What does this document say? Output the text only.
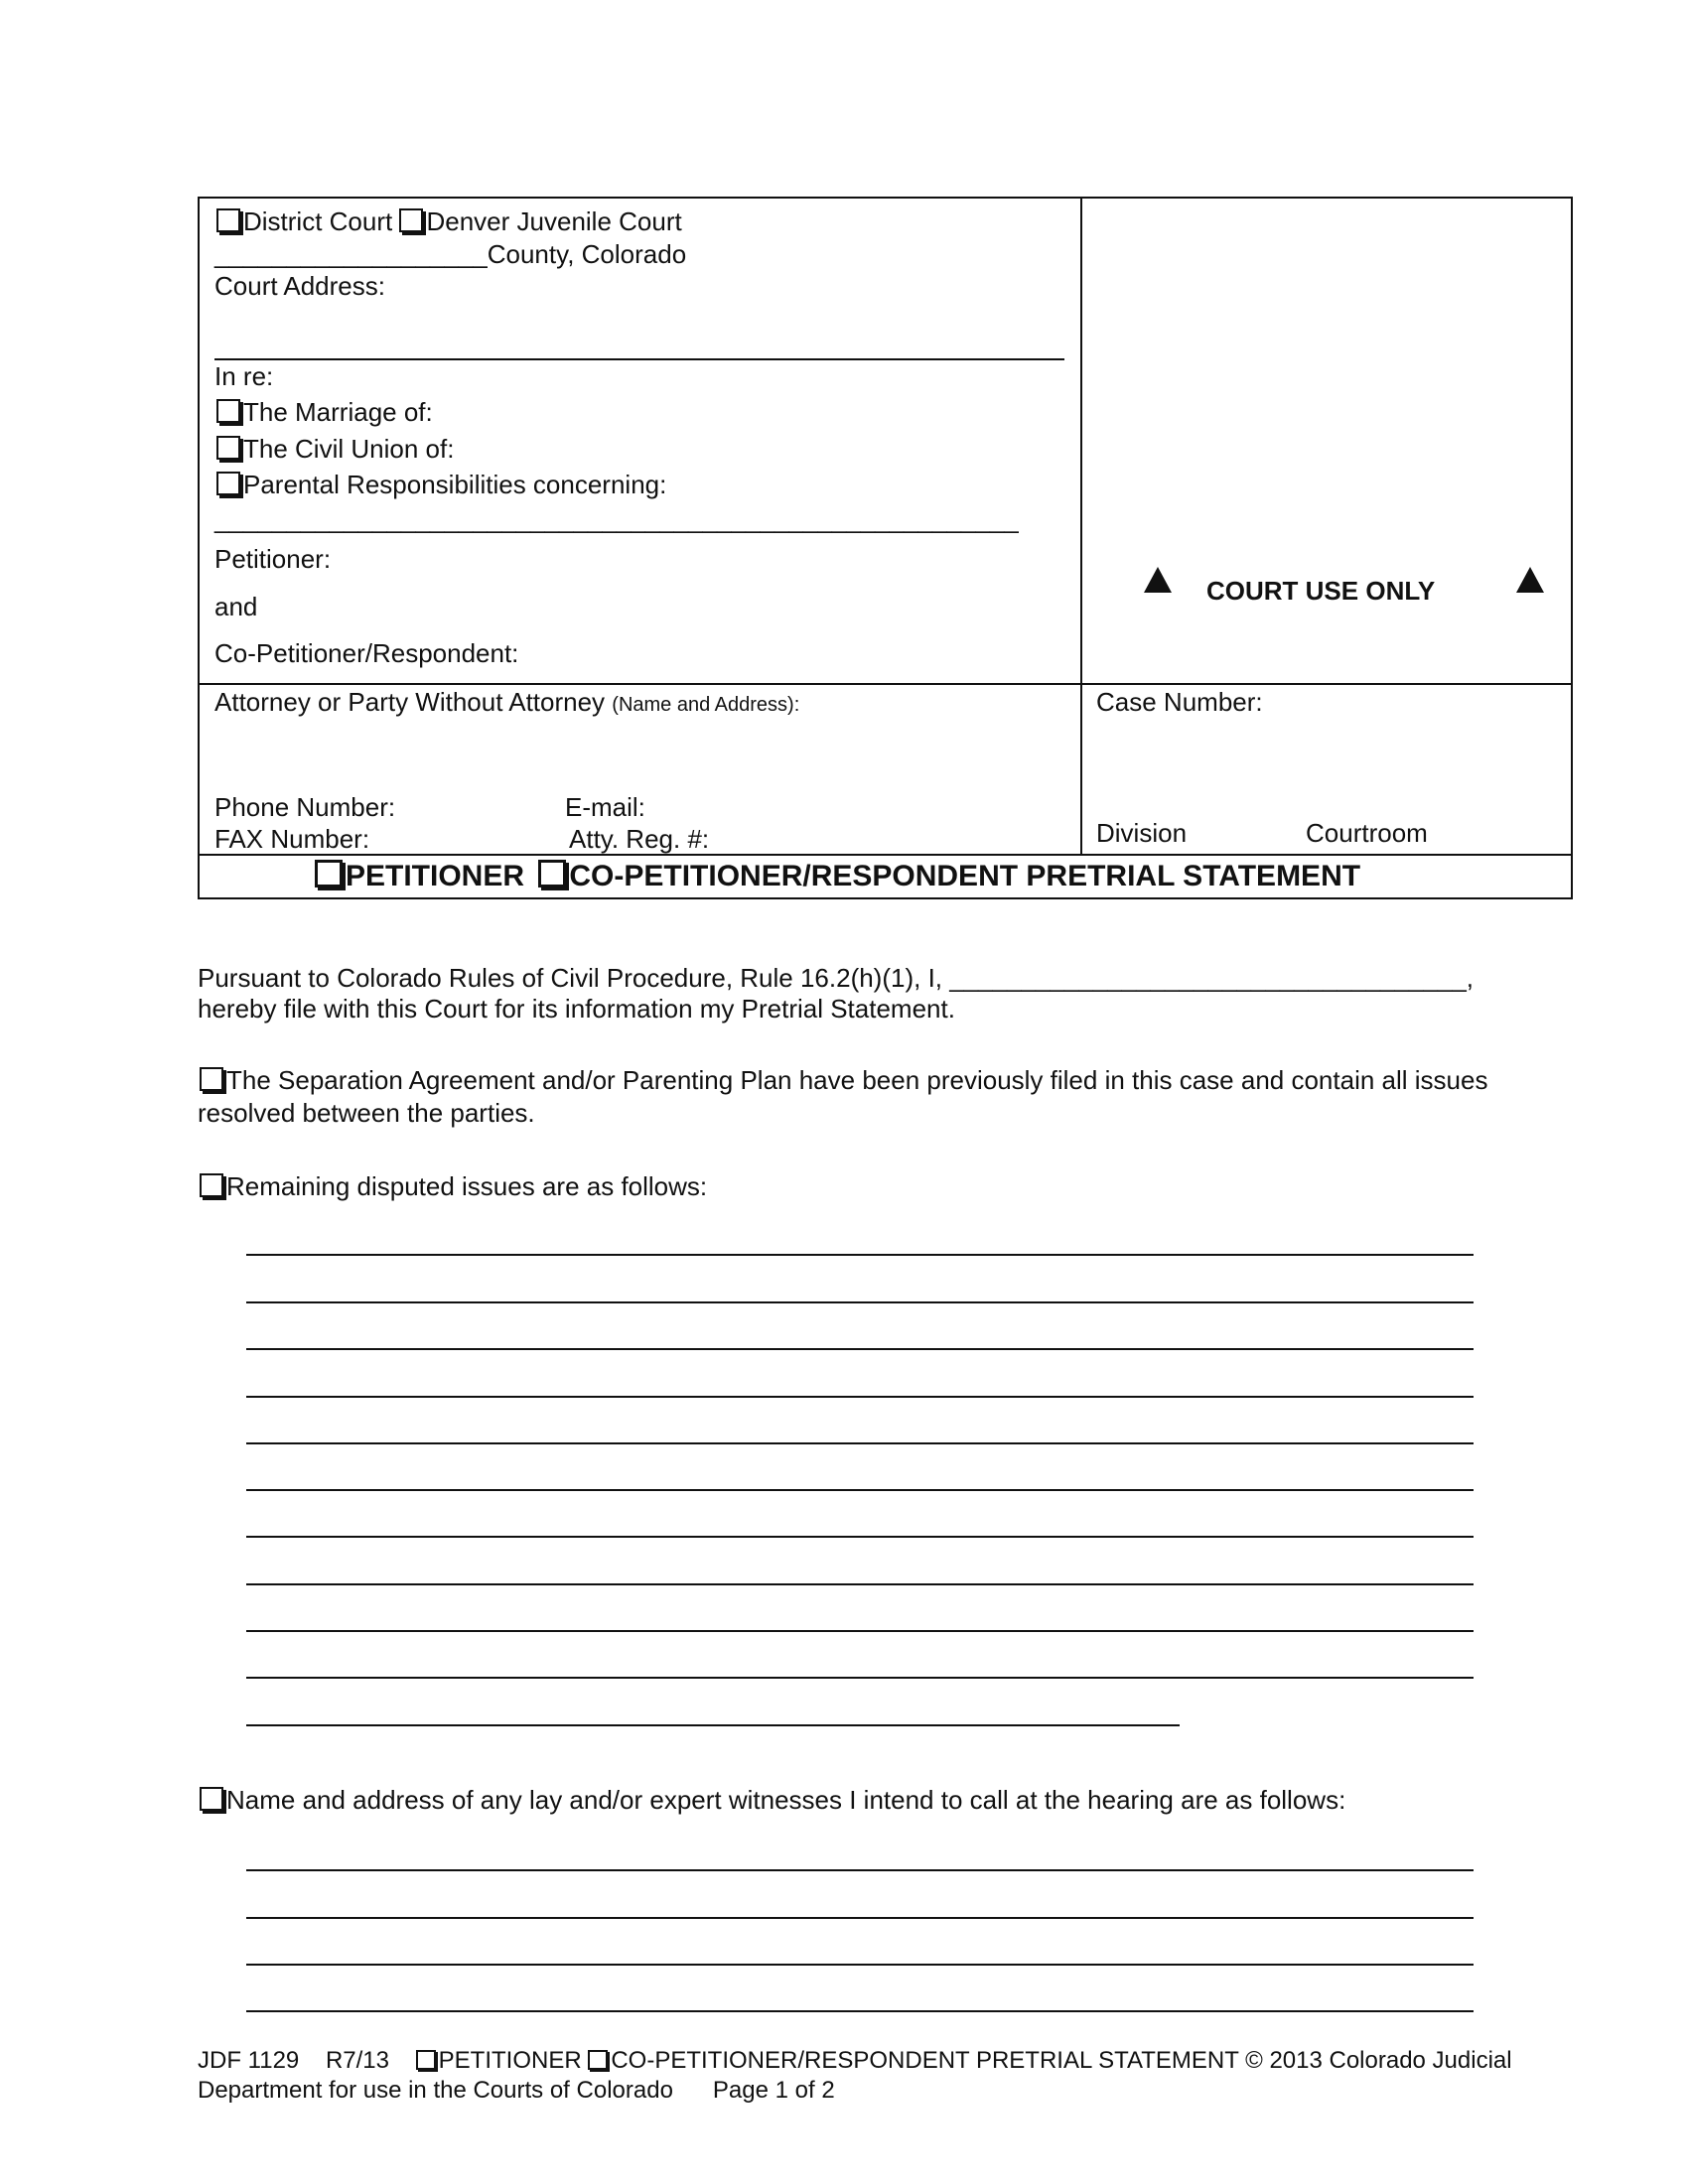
District Court Denver Juvenile Court
___________________County, Colorado
Court Address:
In re:
The Marriage of:
The Civil Union of:
Parental Responsibilities concerning:
________________________________________________________
Petitioner:
and
Co-Petitioner/Respondent:
COURT USE ONLY
Attorney or Party Without Attorney (Name and Address):
Phone Number:	E-mail:
FAX Number:	Atty. Reg. #:
Case Number:
Division	Courtroom
PETITIONER CO-PETITIONER/RESPONDENT PRETRIAL STATEMENT
Pursuant to Colorado Rules of Civil Procedure, Rule 16.2(h)(1), I, ____________________________________,
hereby file with this Court for its information my Pretrial Statement.
The Separation Agreement and/or Parenting Plan have been previously filed in this case and contain all issues
resolved between the parties.
Remaining disputed issues are as follows:
Name and address of any lay and/or expert witnesses I intend to call at the hearing are as follows:
JDF 1129    R7/13    PETITIONER CO-PETITIONER/RESPONDENT PRETRIAL STATEMENT © 2013 Colorado Judicial
Department for use in the Courts of Colorado      Page 1 of 2
